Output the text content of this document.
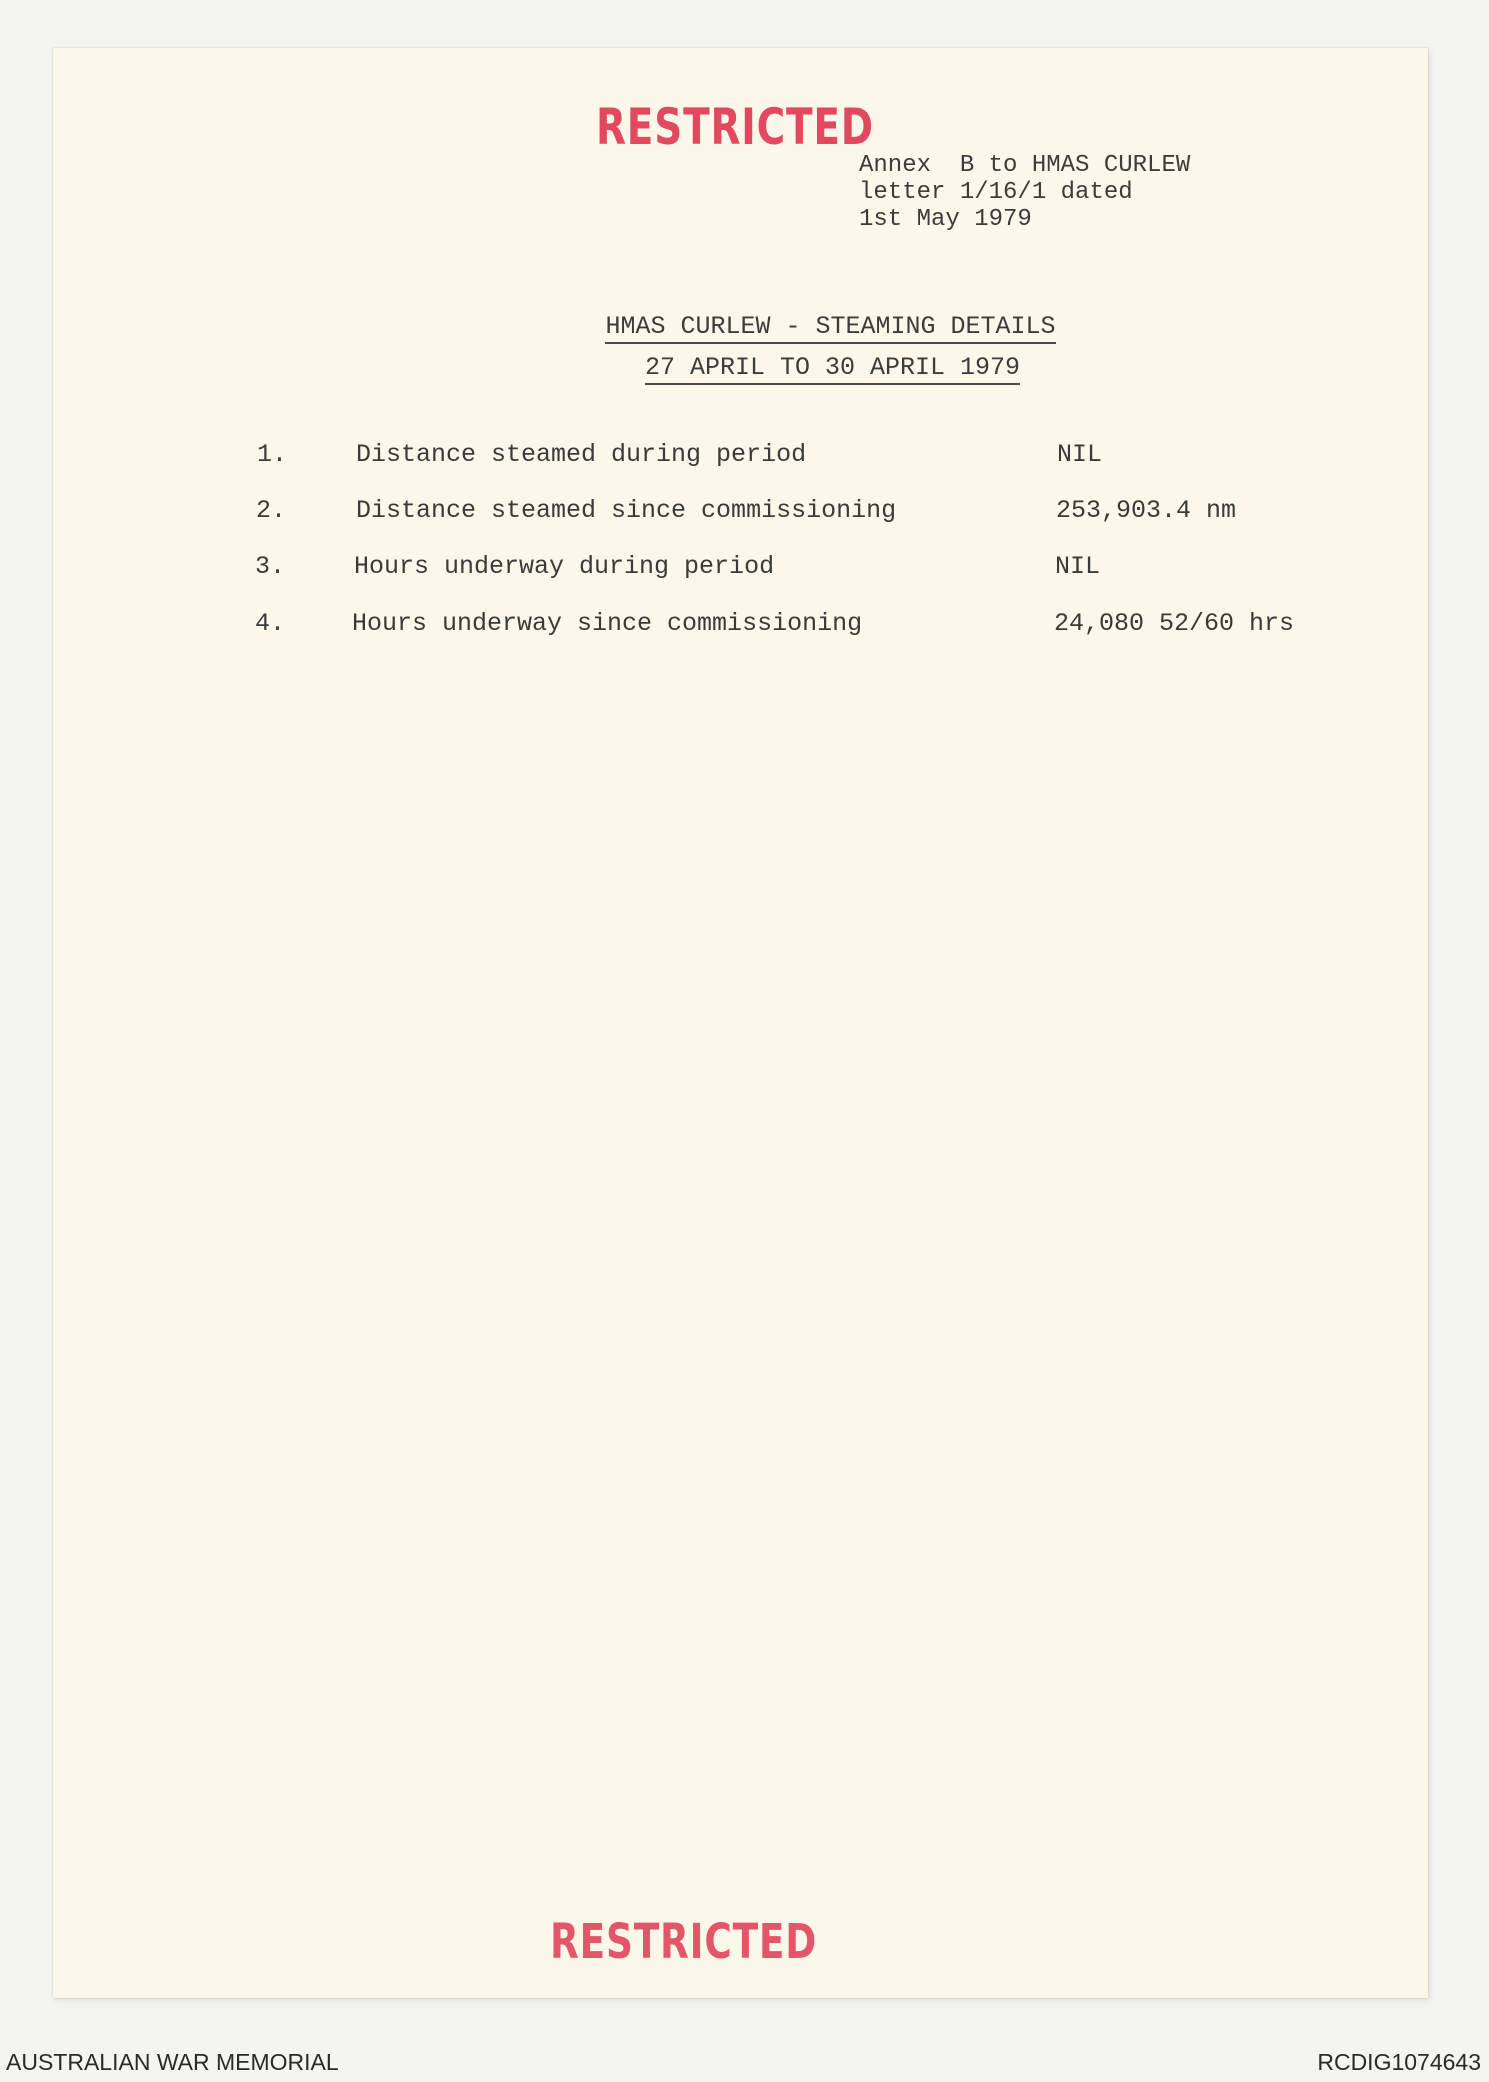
RESTRICTED
Annex  B to HMAS CURLEW
letter 1/16/1 dated
1st May 1979
HMAS CURLEW - STEAMING DETAILS
27 APRIL TO 30 APRIL 1979
1.	Distance steamed during period	NIL
2.	Distance steamed since commissioning	253,903.4 nm
3.	Hours underway during period	NIL
4.	Hours underway since commissioning	24,080 52/60 hrs
RESTRICTED
AUSTRALIAN WAR MEMORIAL	RCDIG1074643
